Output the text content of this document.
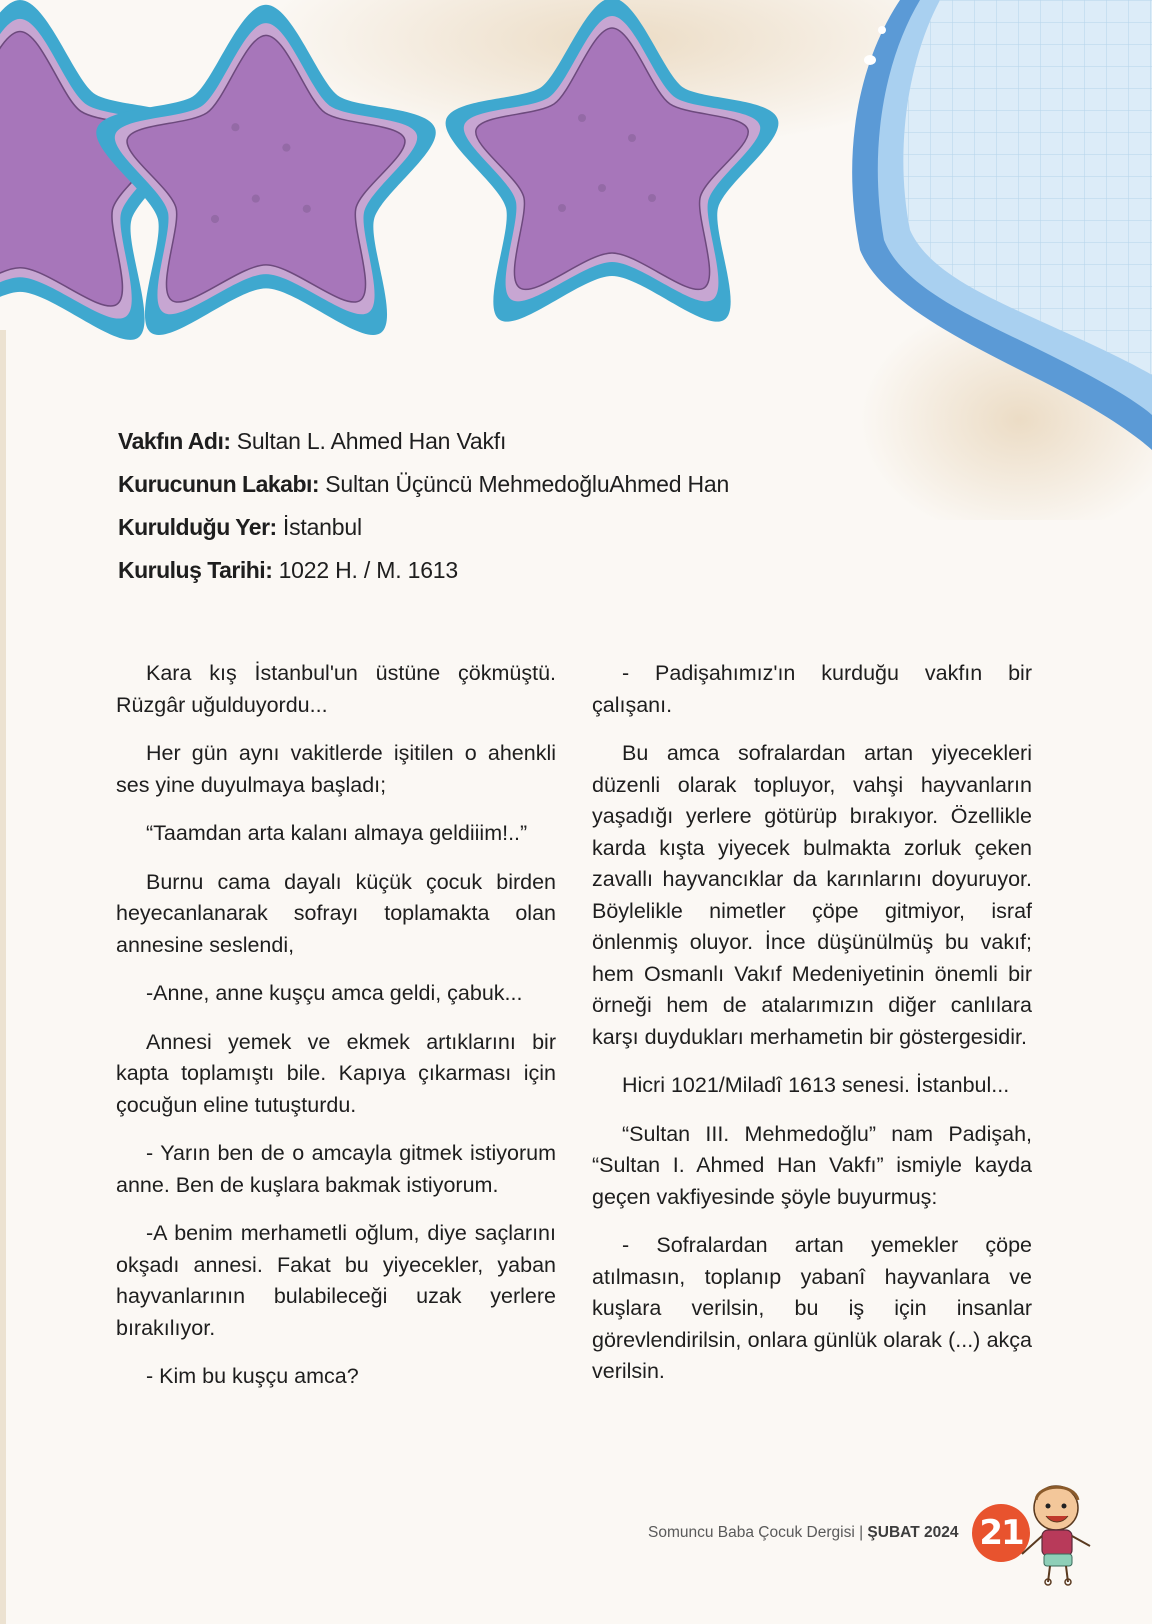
Vakfın Adı: Sultan L. Ahmed Han Vakfı
Kurucunun Lakabı: Sultan Üçüncü MehmedoğluAhmed Han
Kurulduğu Yer: İstanbul
Kuruluş Tarihi: 1022 H. / M. 1613

Kara kış İstanbul'un üstüne çökmüştü. Rüzgâr uğulduyordu...

Her gün aynı vakitlerde işitilen o ahenkli ses yine duyulmaya başladı;

“Taamdan arta kalanı almaya geldiiim!..”

Burnu cama dayalı küçük çocuk birden heyecanlanarak sofrayı toplamakta olan annesine seslendi,

-Anne, anne kuşçu amca geldi, çabuk...

Annesi yemek ve ekmek artıklarını bir kapta toplamıştı bile. Kapıya çıkarması için çocuğun eline tutuşturdu.

- Yarın ben de o amcayla gitmek istiyorum anne. Ben de kuşlara bakmak istiyorum.

-A benim merhametli oğlum, diye saçlarını okşadı annesi. Fakat bu yiyecekler, yaban hayvanlarının bulabileceği uzak yerlere bırakılıyor.

- Kim bu kuşçu amca?

- Padişahımız'ın kurduğu vakfın bir çalışanı.

Bu amca sofralardan artan yiyecekleri düzenli olarak topluyor, vahşi hayvanların yaşadığı yerlere götürüp bırakıyor. Özellikle karda kışta yiyecek bulmakta zorluk çeken zavallı hayvancıklar da karınlarını doyuruyor. Böylelikle nimetler çöpe gitmiyor, israf önlenmiş oluyor. İnce düşünülmüş bu vakıf; hem Osmanlı Vakıf Medeniyetinin önemli bir örneği hem de atalarımızın diğer canlılara karşı duydukları merhametin bir göstergesidir.

Hicri 1021/Miladî 1613 senesi. İstanbul...

“Sultan III. Mehmedoğlu” nam Padişah, “Sultan I. Ahmed Han Vakfı” ismiyle kayda geçen vakfiyesinde şöyle buyurmuş:

- Sofralardan artan yemekler çöpe atılmasın, toplanıp yabanî hayvanlara ve kuşlara verilsin, bu iş için insanlar görevlendirilsin, onlara günlük olarak (...) akça verilsin.

Somuncu Baba Çocuk Dergisi | ŞUBAT 2024 21
